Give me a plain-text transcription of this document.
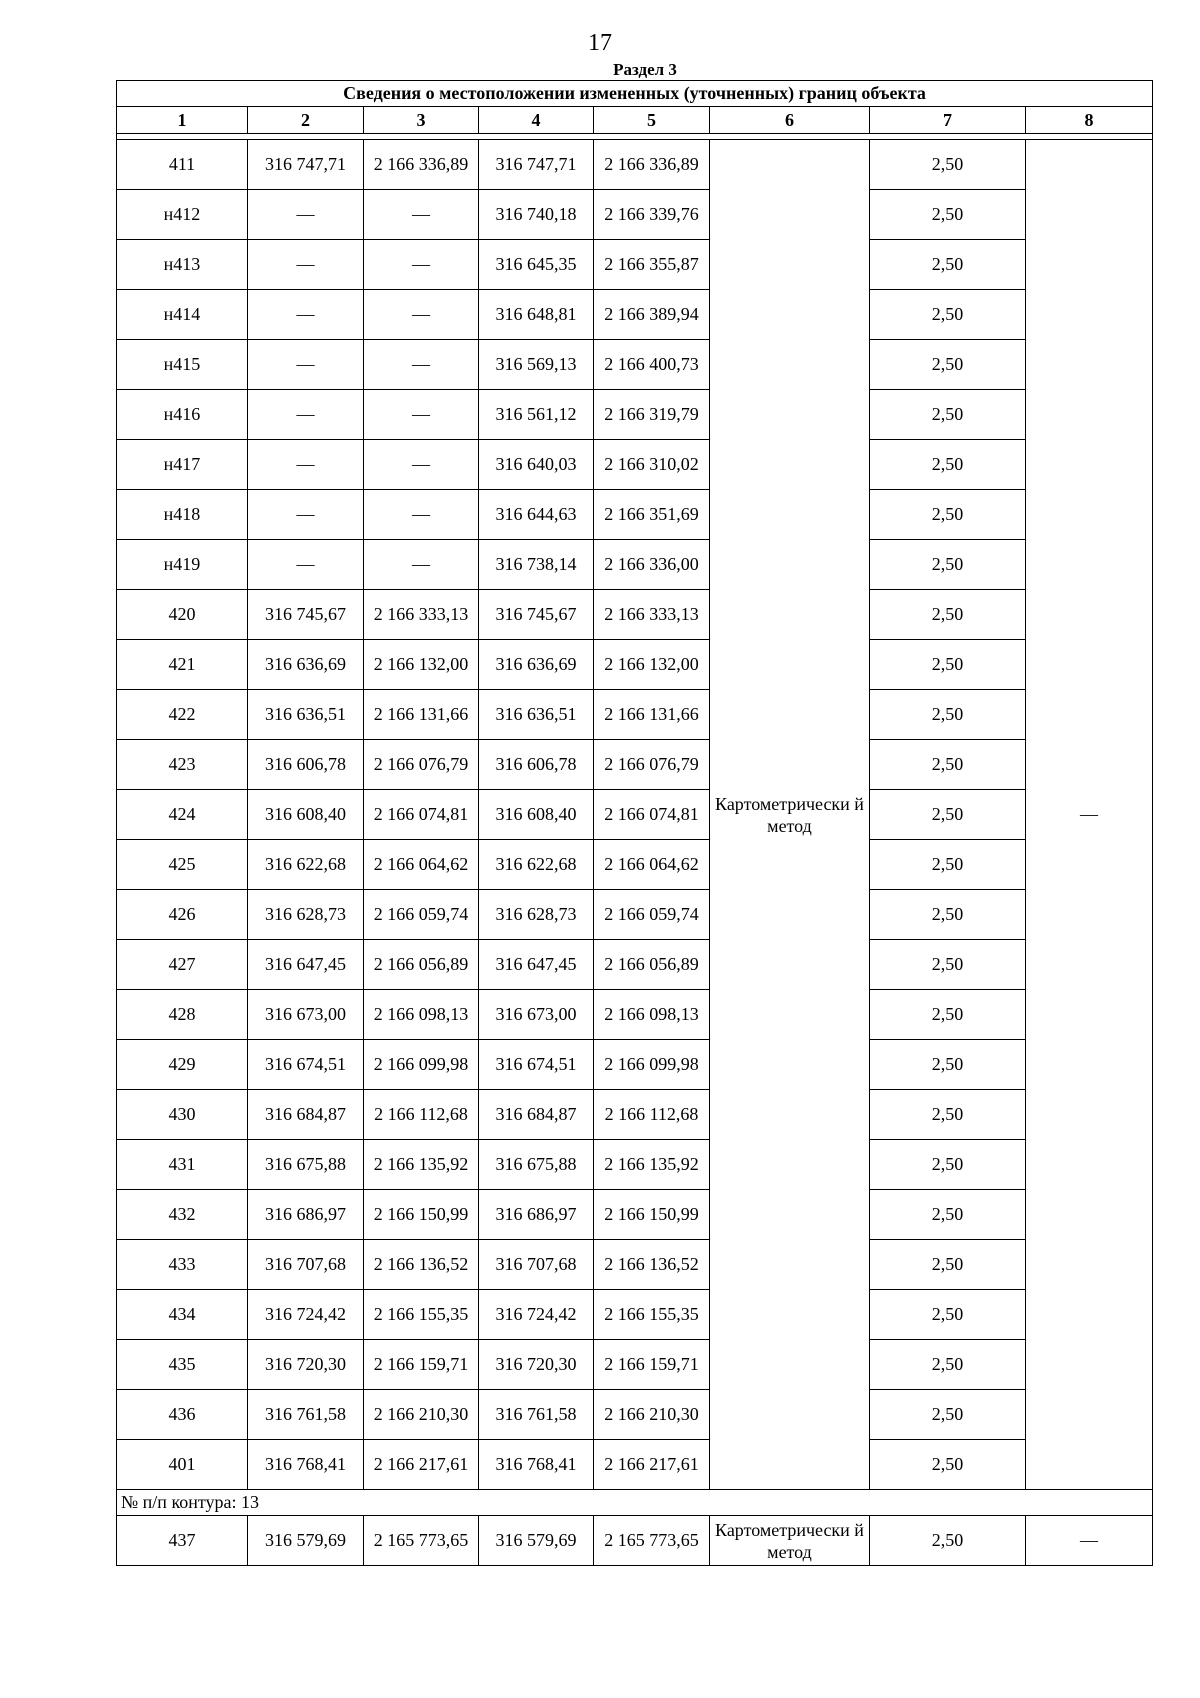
17
Раздел 3
Сведения о местоположении измененных (уточненных) границ объекта							
1	2	3	4	5	6	7	8

411	316 747,71	2 166 336,89	316 747,71	2 166 336,89	Картометрически й метод	2,50	—
н412	—	—	316 740,18	2 166 339,76		2,50	
н413	—	—	316 645,35	2 166 355,87		2,50	
н414	—	—	316 648,81	2 166 389,94		2,50	
н415	—	—	316 569,13	2 166 400,73		2,50	
н416	—	—	316 561,12	2 166 319,79		2,50	
н417	—	—	316 640,03	2 166 310,02		2,50	
н418	—	—	316 644,63	2 166 351,69		2,50	
н419	—	—	316 738,14	2 166 336,00		2,50	
420	316 745,67	2 166 333,13	316 745,67	2 166 333,13		2,50	
421	316 636,69	2 166 132,00	316 636,69	2 166 132,00		2,50	
422	316 636,51	2 166 131,66	316 636,51	2 166 131,66		2,50	
423	316 606,78	2 166 076,79	316 606,78	2 166 076,79		2,50	
424	316 608,40	2 166 074,81	316 608,40	2 166 074,81		2,50	
425	316 622,68	2 166 064,62	316 622,68	2 166 064,62		2,50	
426	316 628,73	2 166 059,74	316 628,73	2 166 059,74		2,50	
427	316 647,45	2 166 056,89	316 647,45	2 166 056,89		2,50	
428	316 673,00	2 166 098,13	316 673,00	2 166 098,13		2,50	
429	316 674,51	2 166 099,98	316 674,51	2 166 099,98		2,50	
430	316 684,87	2 166 112,68	316 684,87	2 166 112,68		2,50	
431	316 675,88	2 166 135,92	316 675,88	2 166 135,92		2,50	
432	316 686,97	2 166 150,99	316 686,97	2 166 150,99		2,50	
433	316 707,68	2 166 136,52	316 707,68	2 166 136,52		2,50	
434	316 724,42	2 166 155,35	316 724,42	2 166 155,35		2,50	
435	316 720,30	2 166 159,71	316 720,30	2 166 159,71		2,50	
436	316 761,58	2 166 210,30	316 761,58	2 166 210,30		2,50	
401	316 768,41	2 166 217,61	316 768,41	2 166 217,61		2,50	
№ п/п контура: 13							
437	316 579,69	2 165 773,65	316 579,69	2 165 773,65	Картометрически й метод	2,50	—
